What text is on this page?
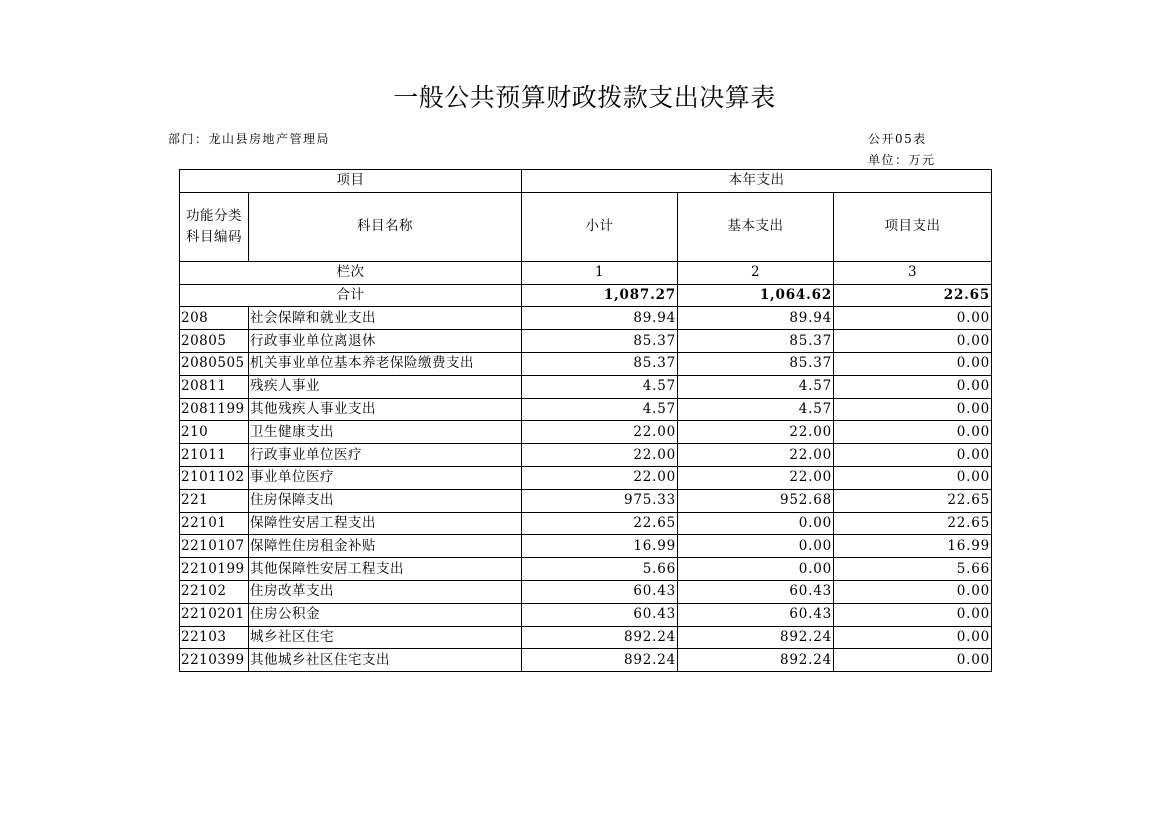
一般公共预算财政拨款支出决算表
部门：龙山县房地产管理局	公开05表
单位：万元
项目		本年支出		

功能分类
科目编码	科目名称	小计	基本支出	项目支出
栏次		1	2	3
合计		1,087.27	1,064.62	22.65
208	社会保障和就业支出	89.94	89.94	0.00
20805	行政事业单位离退休	85.37	85.37	0.00
2080505	机关事业单位基本养老保险缴费支出	85.37	85.37	0.00
20811	残疾人事业	4.57	4.57	0.00
2081199	其他残疾人事业支出	4.57	4.57	0.00
210	卫生健康支出	22.00	22.00	0.00
21011	行政事业单位医疗	22.00	22.00	0.00
2101102	事业单位医疗	22.00	22.00	0.00
221	住房保障支出	975.33	952.68	22.65
22101	保障性安居工程支出	22.65	0.00	22.65
2210107	保障性住房租金补贴	16.99	0.00	16.99
2210199	其他保障性安居工程支出	5.66	0.00	5.66
22102	住房改革支出	60.43	60.43	0.00
2210201	住房公积金	60.43	60.43	0.00
22103	城乡社区住宅	892.24	892.24	0.00
2210399	其他城乡社区住宅支出	892.24	892.24	0.00
